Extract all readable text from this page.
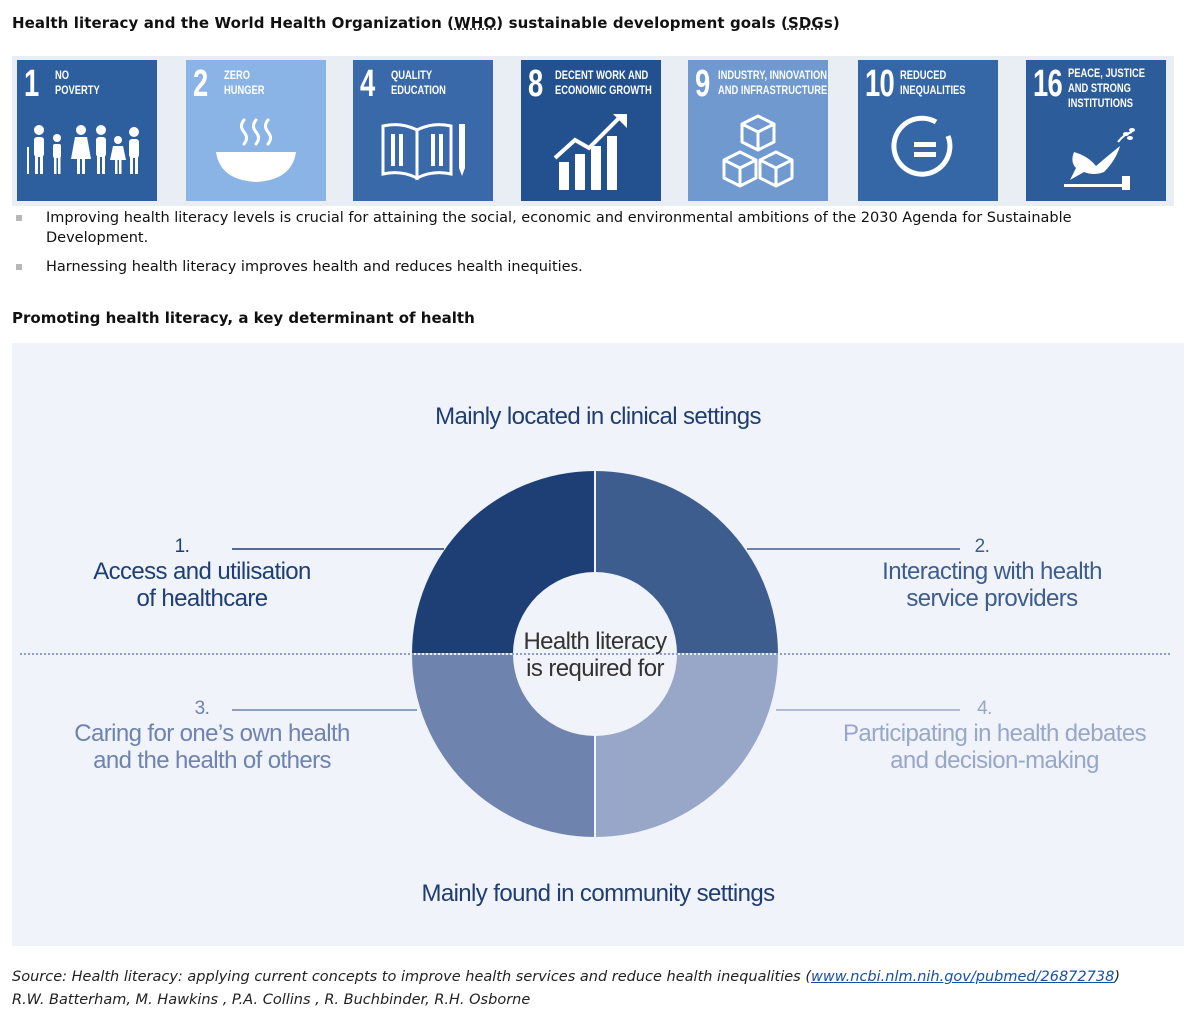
Health literacy and the World Health Organization (WHO) sustainable development goals (SDGs)
1 NO
POVERTY	2 ZERO
HUNGER	4 QUALITY
EDUCATION	8 DECENT WORK AND
ECONOMIC GROWTH	9 INDUSTRY, INNOVATION
AND INFRASTRUCTURE 10 REDUCED
INEQUALITIES	16 PEACE, JUSTICE
AND STRONG
INSTITUTIONS
Improving health literacy levels is crucial for attaining the social, economic and environmental ambitions of the 2030 Agenda for Sustainable Development.
Harnessing health literacy improves health and reduces health inequities.
Promoting health literacy, a key determinant of health
Mainly located in clinical settings
Mainly found in community settings
Health literacy
is required for
1.
Access and utilisation
of healthcare
2.
Interacting with health
service providers
3.
Caring for one’s own health
and the health of others
4.
Participating in health debates
and decision-making
Source: Health literacy: applying current concepts to improve health services and reduce health inequalities (www.ncbi.nlm.nih.gov/pubmed/26872738)
R.W. Batterham, M. Hawkins , P.A. Collins , R. Buchbinder, R.H. Osborne
